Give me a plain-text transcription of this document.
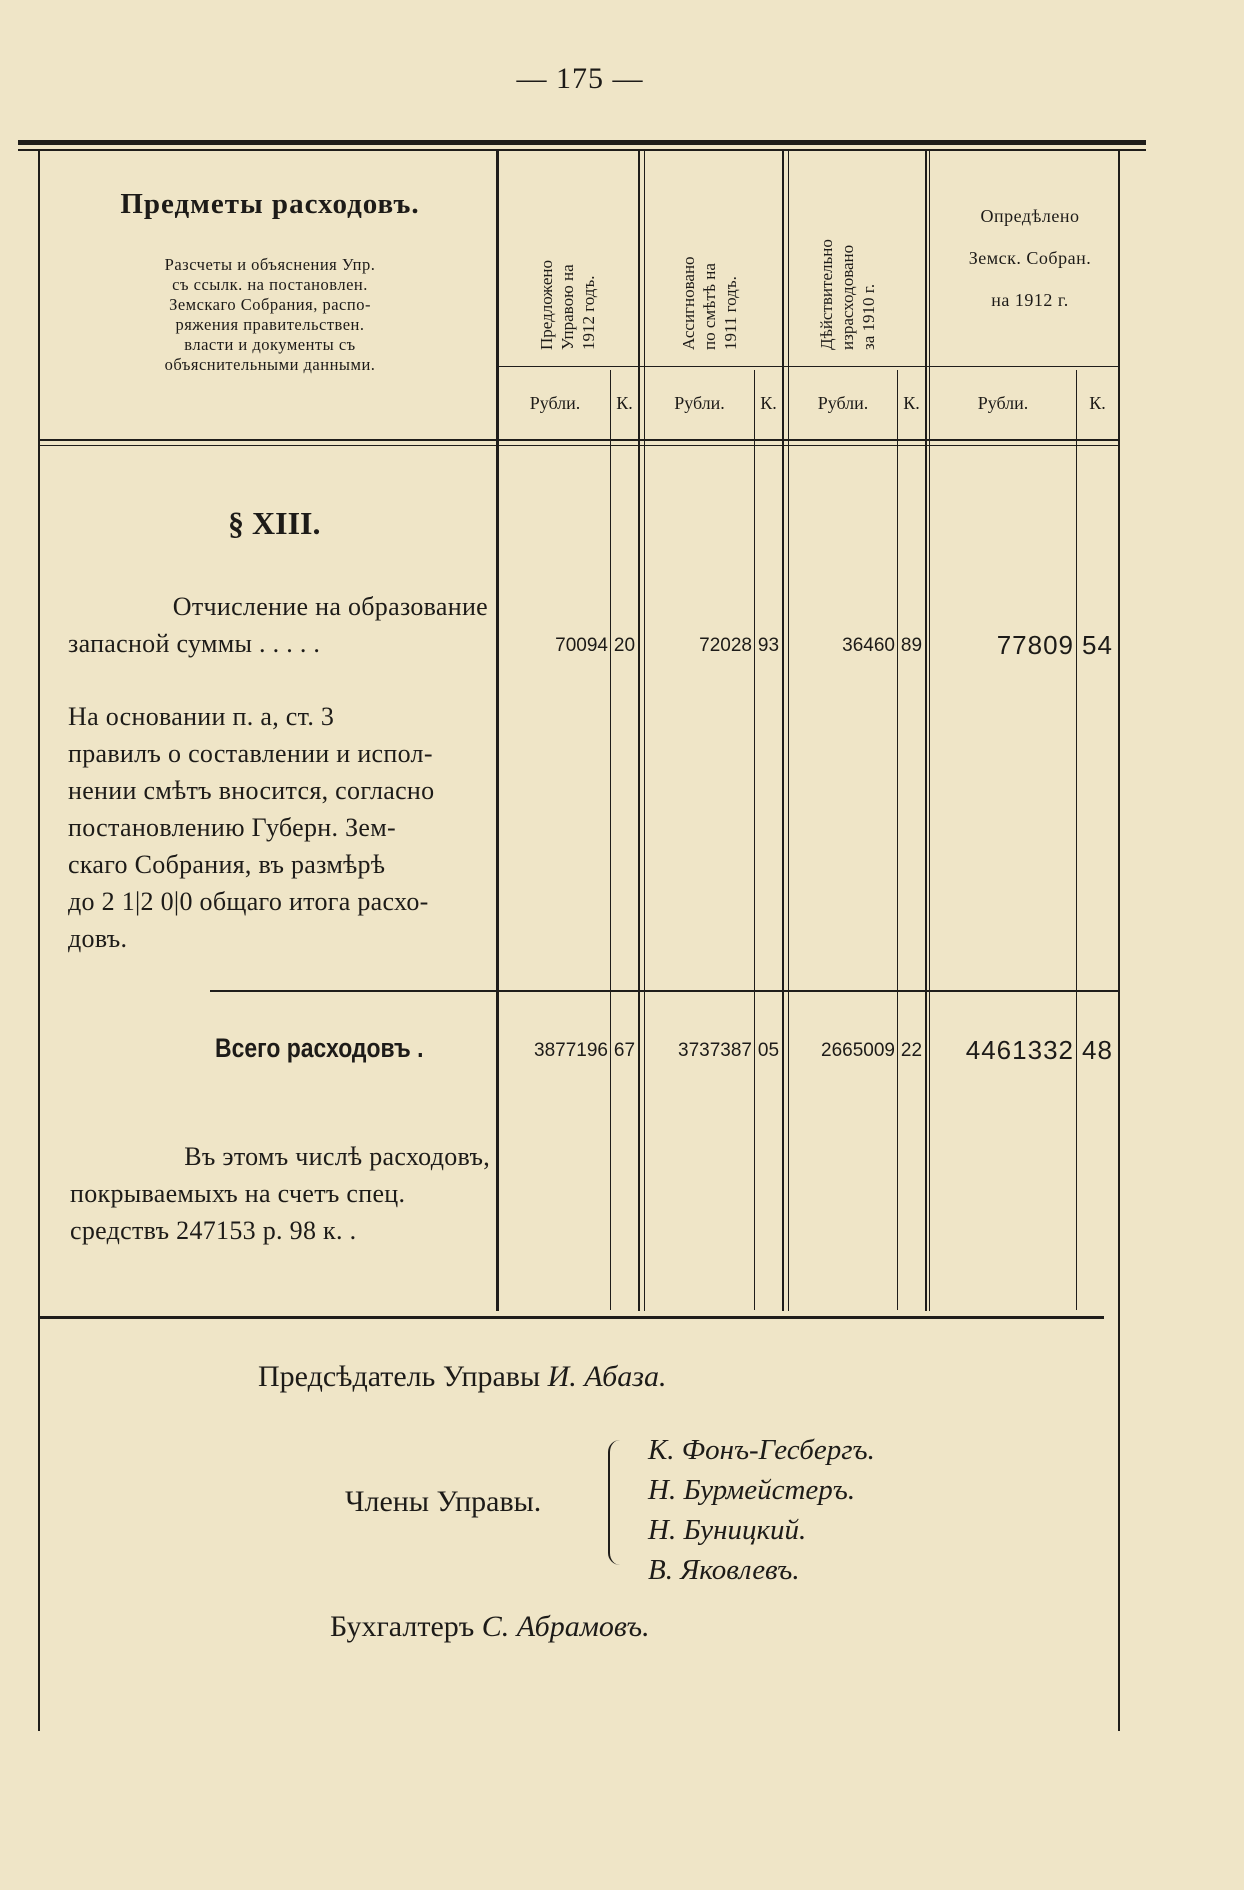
— 175 —
Предметы расходовъ.
Разсчеты и объяснения Упр.
съ ссылк. на постановлен.
Земскаго Собрания, распо-
ряжения правительствен.
власти и документы съ
объяснительными данными.
Предложено Управою на 1912 годъ.	Ассигновано по смѣтѣ на 1911 годъ.	Дѣйствительно израсходовано за 1910 г.
Опредѣлено
Земск. Собран.
на 1912 г.
Рубли.	К.	Рубли.	К.	Рубли.	К.	Рубли.	К.
§ XIII.
Отчисление на образование
запасной суммы . . . . .
На основании п. а, ст. 3
правилъ о составлении и испол-
нении смѣтъ вносится, согласно
постановлению Губерн. Зем-
скаго Собрания, въ размѣрѣ
до 2 1|2 0|0 общаго итога расхо-
довъ.
70094 20	72028 93	36460 89	77809 54
Всего расходовъ .	3877196 67	3737387 05	2665009 22	4461332 48
Въ этомъ числѣ расходовъ,
покрываемыхъ на счетъ спец.
средствъ 247153 р. 98 к. .
Предсѣдатель Управы И. Абаза.
Члены Управы.
К. Фонъ-Гесбергъ.
Н. Бурмейстеръ.
Н. Буницкий.
В. Яковлевъ.
Бухгалтеръ С. Абрамовъ.
